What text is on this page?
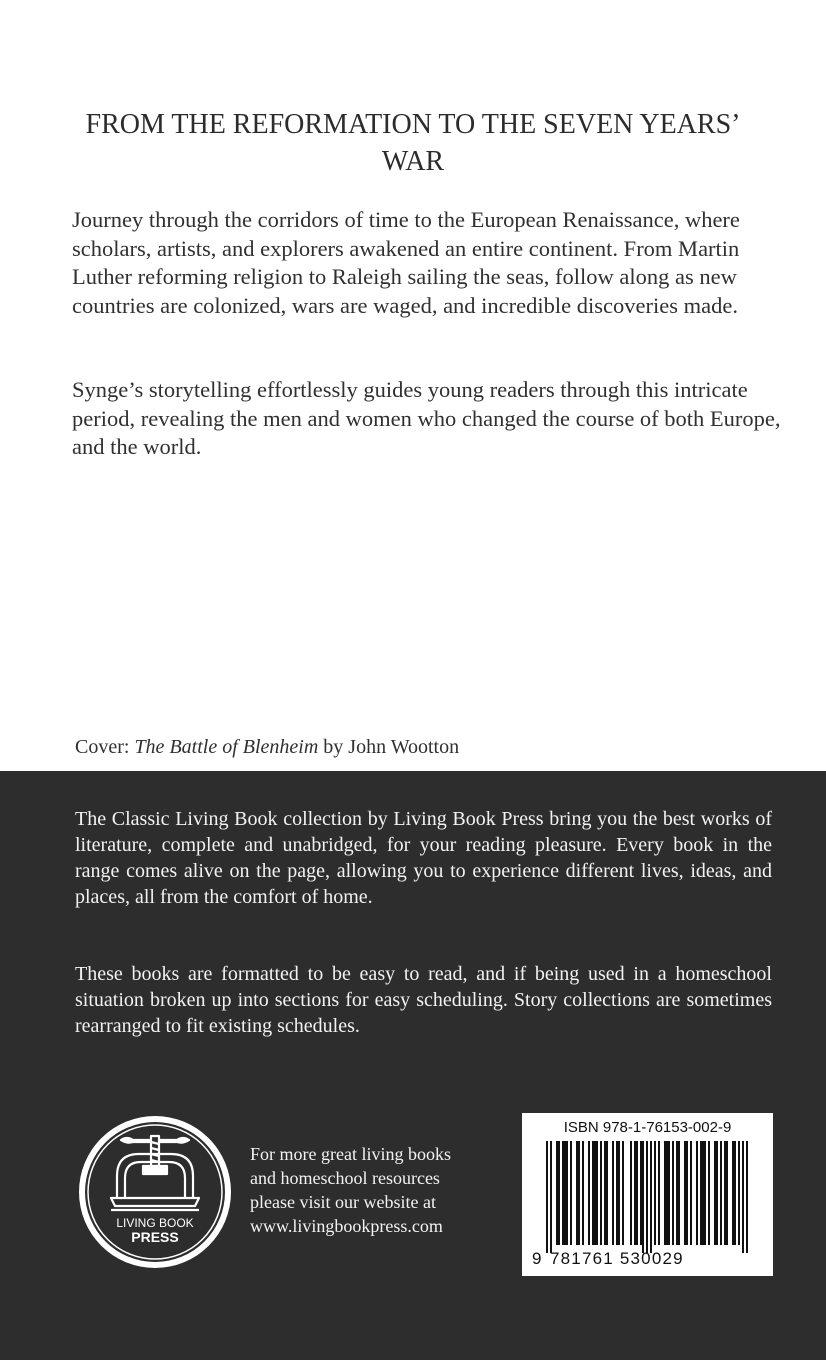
FROM THE REFORMATION TO THE SEVEN YEARS’ WAR

Journey through the corridors of time to the European Renaissance, where scholars, artists, and explorers awakened an entire continent. From Martin Luther reforming religion to Raleigh sailing the seas, follow along as new countries are colonized, wars are waged, and incredible discoveries made.

Synge’s storytelling effortlessly guides young readers through this intricate period, revealing the men and women who changed the course of both Europe, and the world.

Cover: The Battle of Blenheim by John Wootton

The Classic Living Book collection by Living Book Press bring you the best works of literature, complete and unabridged, for your reading pleasure. Every book in the range comes alive on the page, allowing you to experience different lives, ideas, and places, all from the comfort of home.

These books are formatted to be easy to read, and if being used in a homeschool situation broken up into sections for easy scheduling. Story collections are sometimes rearranged to fit existing schedules.

LIVING BOOK
PRESS

For more great living books
and homeschool resources
please visit our website at
www.livingbookpress.com

ISBN 978-1-76153-002-9

9 781761 530029
